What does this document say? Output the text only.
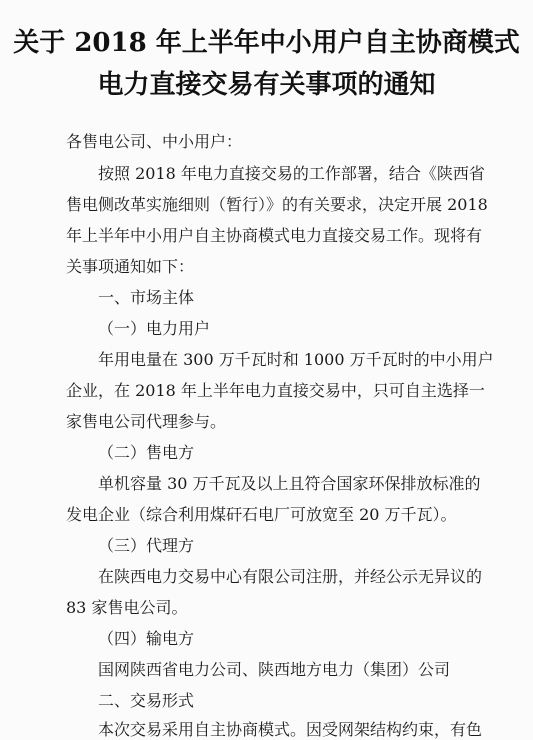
关于 2018 年上半年中小用户自主协商模式
电力直接交易有关事项的通知
各售电公司、中小用户：
按照 2018 年电力直接交易的工作部署，结合《陕西省
售电侧改革实施细则（暂行）》的有关要求，决定开展 2018
年上半年中小用户自主协商模式电力直接交易工作。现将有
关事项通知如下：
一、市场主体
（一）电力用户
年用电量在 300 万千瓦时和 1000 万千瓦时的中小用户
企业，在 2018 年上半年电力直接交易中，只可自主选择一
家售电公司代理参与。
（二）售电方
单机容量 30 万千瓦及以上且符合国家环保排放标准的
发电企业（综合利用煤矸石电厂可放宽至 20 万千瓦）。
（三）代理方
在陕西电力交易中心有限公司注册，并经公示无异议的
83 家售电公司。
（四）输电方
国网陕西省电力公司、陕西地方电力（集团）公司
二、交易形式
本次交易采用自主协商模式。因受网架结构约束，有色
